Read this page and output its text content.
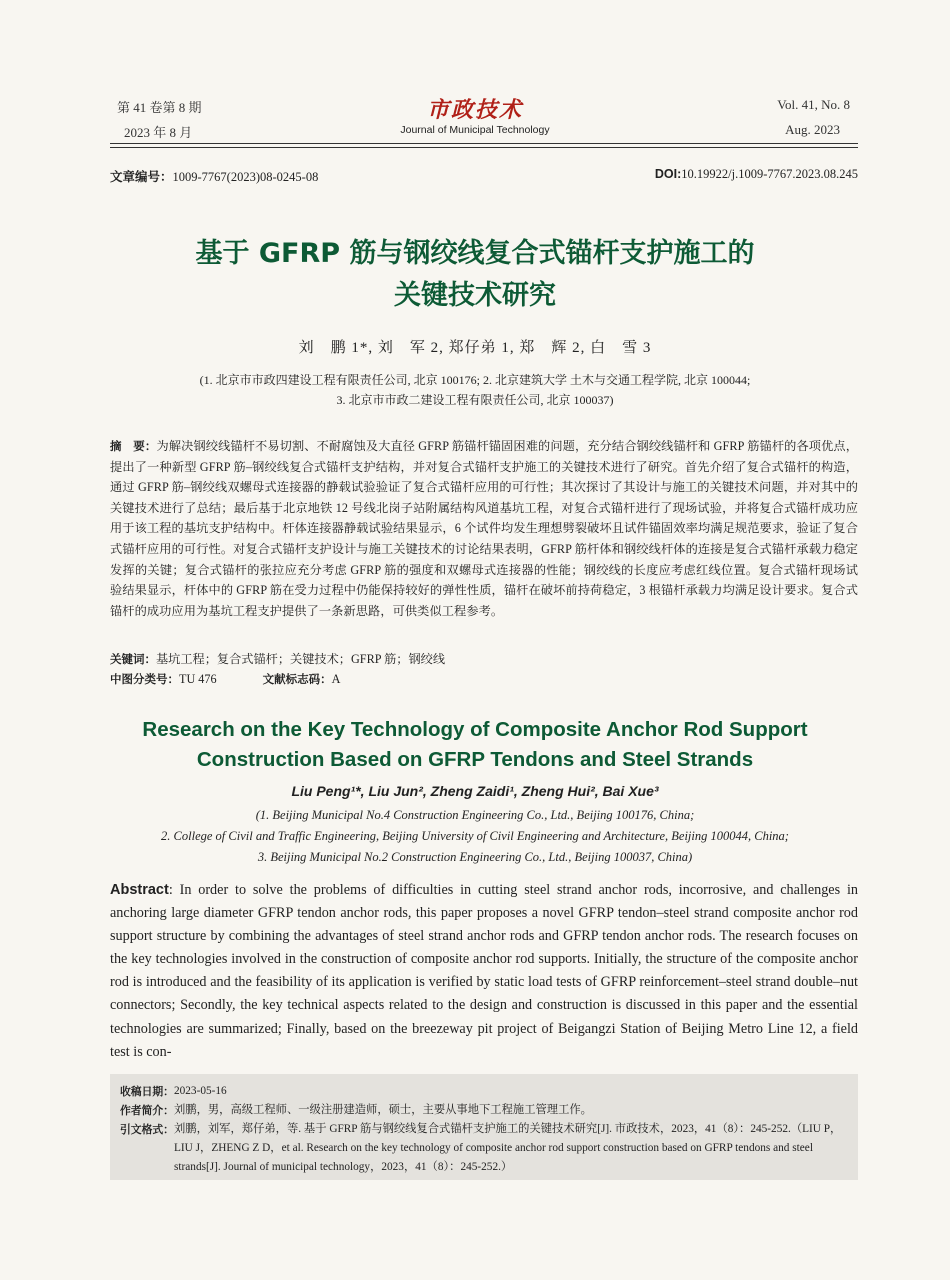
第 41 卷第 8 期
2023 年 8 月
市政技术
Journal of Municipal Technology
Vol. 41, No. 8
Aug. 2023
文章编号：1009-7767(2023)08-0245-08	DOI:10.19922/j.1009-7767.2023.08.245
基于 GFRP 筋与钢绞线复合式锚杆支护施工的
关键技术研究
刘　鹏 1*, 刘　军 2, 郑仔弟 1, 郑　辉 2, 白　雪 3
(1. 北京市市政四建设工程有限责任公司, 北京 100176; 2. 北京建筑大学 土木与交通工程学院, 北京 100044;
3. 北京市市政二建设工程有限责任公司, 北京 100037)
摘　要：为解决钢绞线锚杆不易切割、不耐腐蚀及大直径 GFRP 筋锚杆锚固困难的问题，充分结合钢绞线锚杆和 GFRP 筋锚杆的各项优点，提出了一种新型 GFRP 筋–钢绞线复合式锚杆支护结构，并对复合式锚杆支护施工的关键技术进行了研究。首先介绍了复合式锚杆的构造，通过 GFRP 筋–钢绞线双螺母式连接器的静载试验验证了复合式锚杆应用的可行性；其次探讨了其设计与施工的关键技术问题，并对其中的关键技术进行了总结；最后基于北京地铁 12 号线北岗子站附属结构风道基坑工程，对复合式锚杆进行了现场试验，并将复合式锚杆成功应用于该工程的基坑支护结构中。杆体连接器静载试验结果显示，6 个试件均发生理想劈裂破坏且试件锚固效率均满足规范要求，验证了复合式锚杆应用的可行性。对复合式锚杆支护设计与施工关键技术的讨论结果表明，GFRP 筋杆体和钢绞线杆体的连接是复合式锚杆承载力稳定发挥的关键；复合式锚杆的张拉应充分考虑 GFRP 筋的强度和双螺母式连接器的性能；钢绞线的长度应考虑红线位置。复合式锚杆现场试验结果显示，杆体中的 GFRP 筋在受力过程中仍能保持较好的弹性性质，锚杆在破坏前持荷稳定，3 根锚杆承载力均满足设计要求。复合式锚杆的成功应用为基坑工程支护提供了一条新思路，可供类似工程参考。
关键词：基坑工程；复合式锚杆；关键技术；GFRP 筋；钢绞线
中图分类号：TU 476	文献标志码：A
Research on the Key Technology of Composite Anchor Rod Support
Construction Based on GFRP Tendons and Steel Strands
Liu Peng¹*, Liu Jun², Zheng Zaidi¹, Zheng Hui², Bai Xue³
(1. Beijing Municipal No.4 Construction Engineering Co., Ltd., Beijing 100176, China;
2. College of Civil and Traffic Engineering, Beijing University of Civil Engineering and Architecture, Beijing 100044, China;
3. Beijing Municipal No.2 Construction Engineering Co., Ltd., Beijing 100037, China)
Abstract: In order to solve the problems of difficulties in cutting steel strand anchor rods, incorrosive, and challenges in anchoring large diameter GFRP tendon anchor rods, this paper proposes a novel GFRP tendon–steel strand composite anchor rod support structure by combining the advantages of steel strand anchor rods and GFRP tendon anchor rods. The research focuses on the key technologies involved in the construction of composite anchor rod supports. Initially, the structure of the composite anchor rod is introduced and the feasibility of its application is verified by static load tests of GFRP reinforcement–steel strand double–nut connectors; Secondly, the key technical aspects related to the design and construction is discussed in this paper and the essential technologies are summarized; Finally, based on the breezeway pit project of Beigangzi Station of Beijing Metro Line 12, a field test is con-
收稿日期： 2023-05-16
作者简介： 刘鹏，男，高级工程师、一级注册建造师，硕士，主要从事地下工程施工管理工作。
引文格式： 刘鹏，刘军，郑仔弟，等. 基于 GFRP 筋与钢绞线复合式锚杆支护施工的关键技术研究[J]. 市政技术，2023，41（8）：245-252.（LIU P，LIU J，ZHENG Z D，et al. Research on the key technology of composite anchor rod support construction based on GFRP tendons and steel strands[J]. Journal of municipal technology，2023，41（8）：245-252.）
